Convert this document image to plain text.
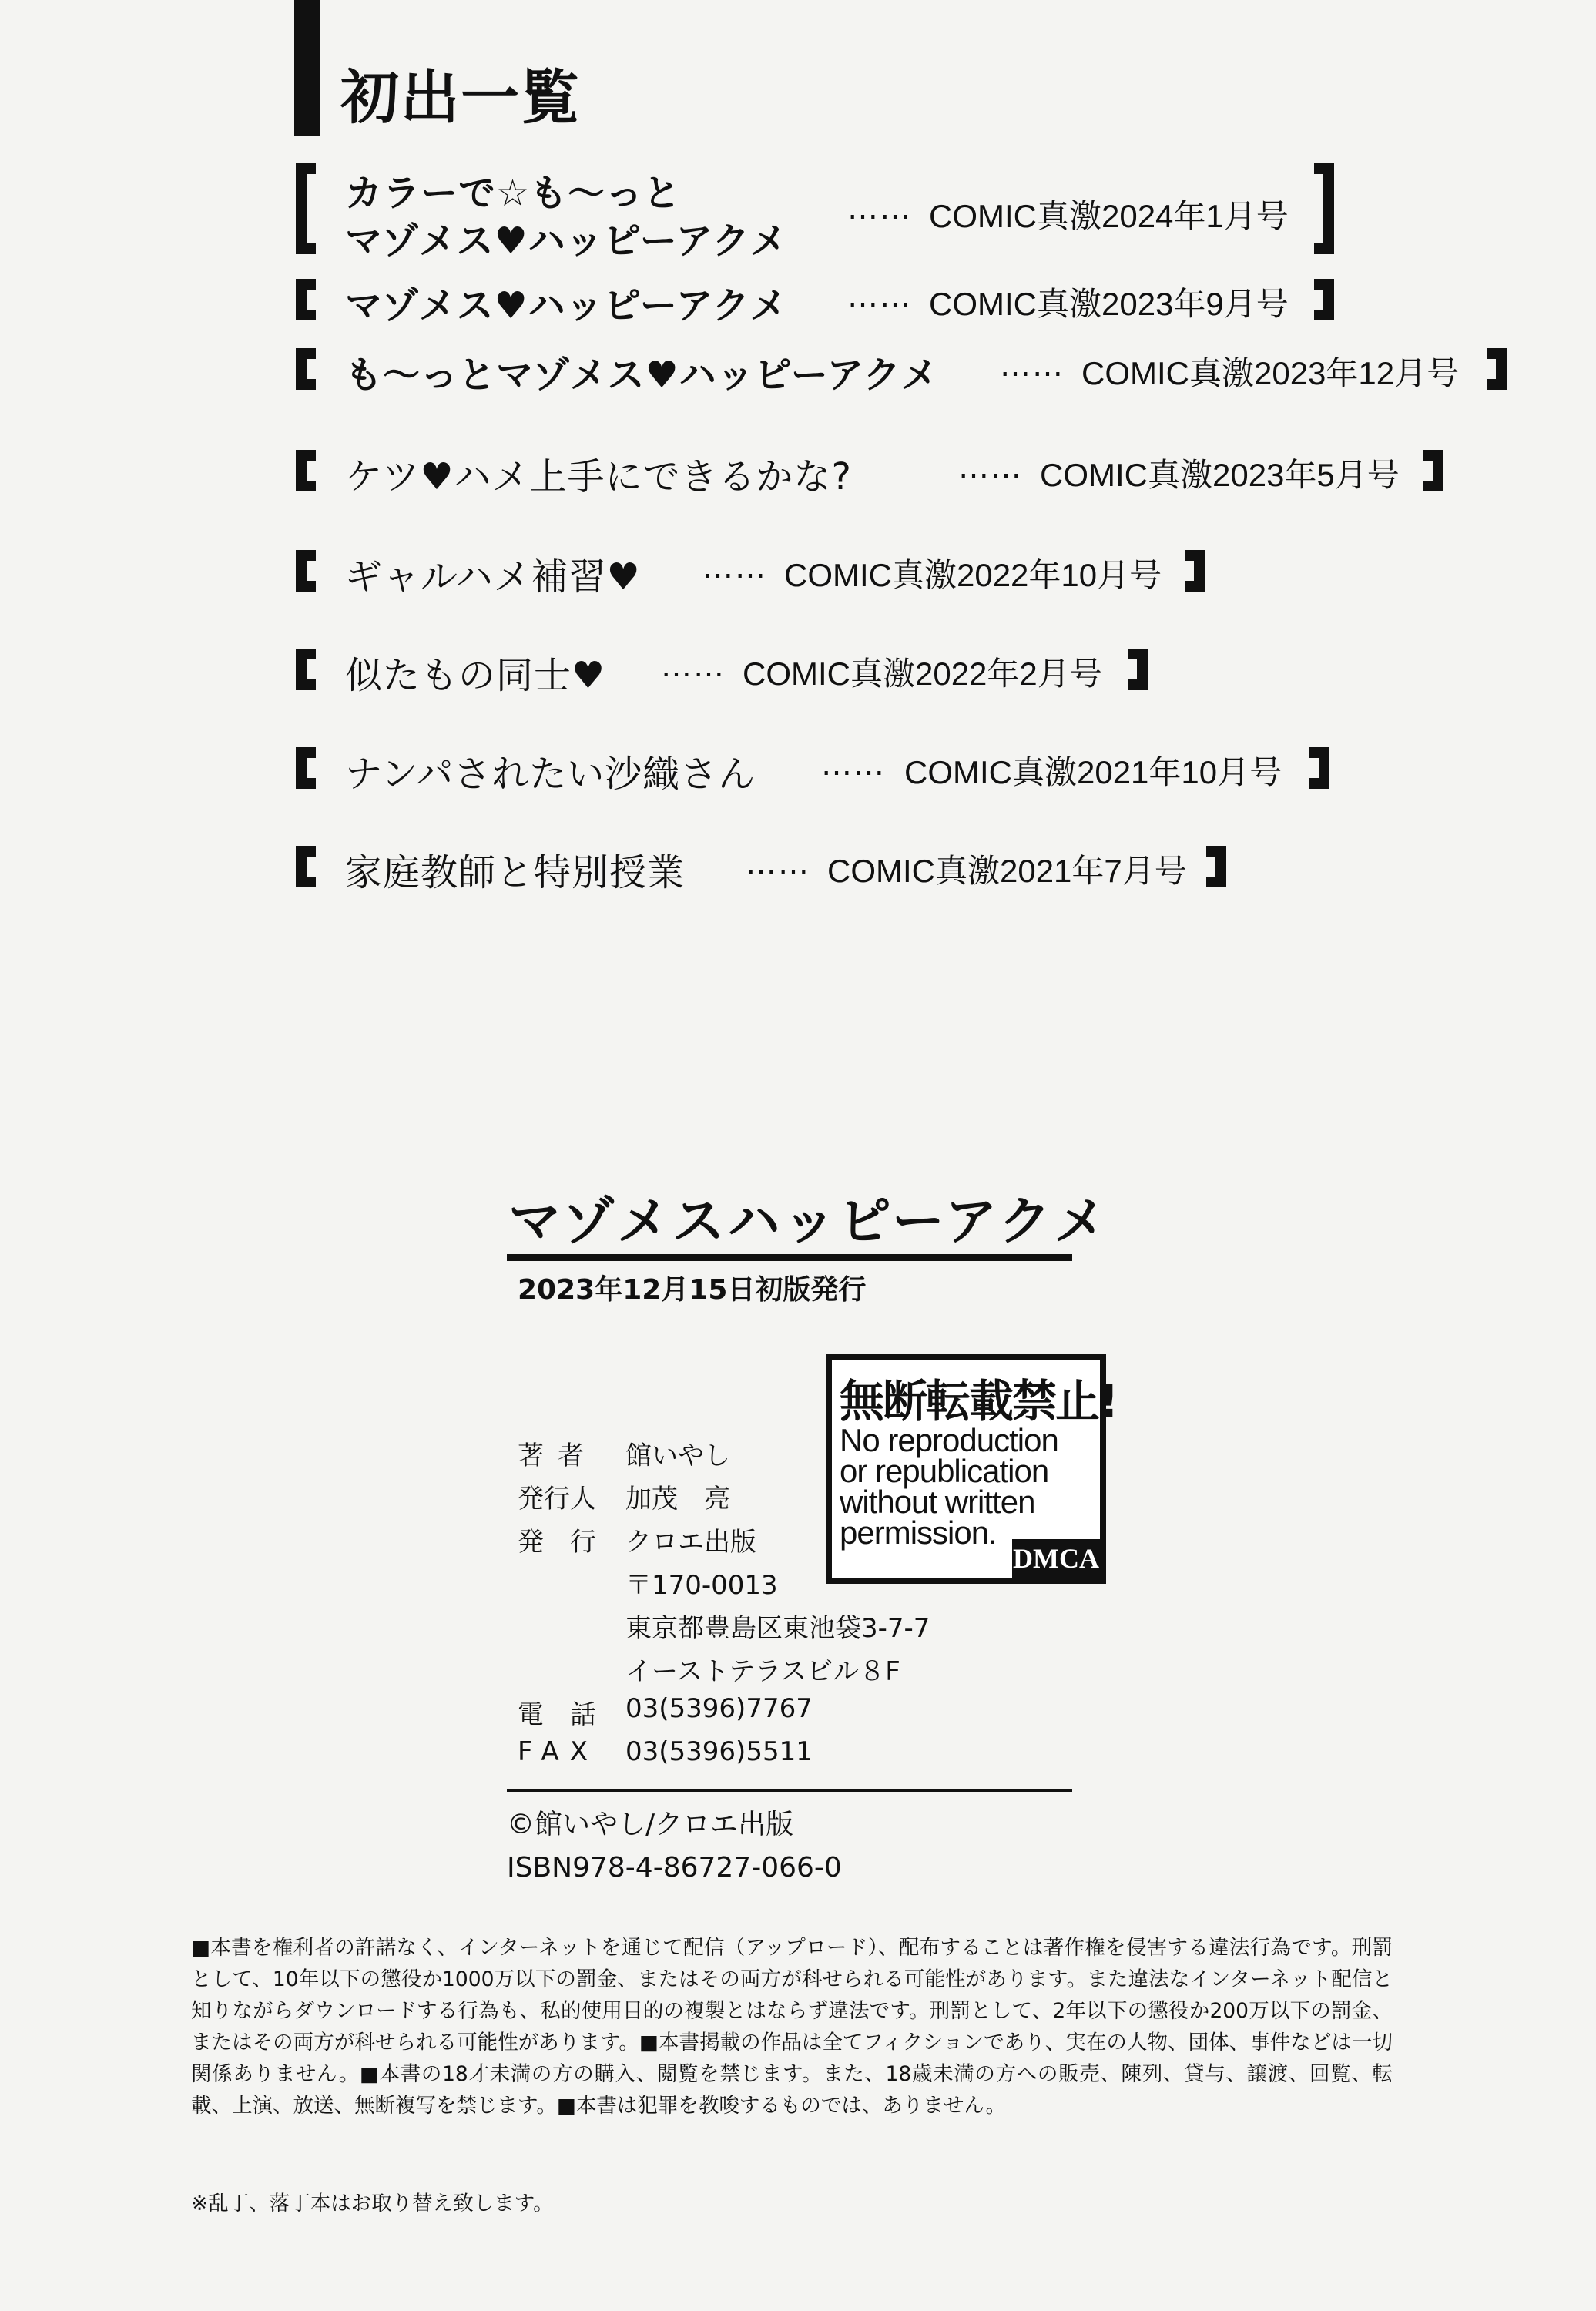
初出一覧
カラーで☆も〜っと
マゾメス♥ハッピーアクメ
…… COMIC真激2024年1月号
マゾメス♥ハッピーアクメ …… COMIC真激2023年9月号
も〜っとマゾメス♥ハッピーアクメ …… COMIC真激2023年12月号
ケツ♥ハメ上手にできるかな?	…… COMIC真激2023年5月号
ギャルハメ補習♥ …… COMIC真激2022年10月号
似たもの同士♥ …… COMIC真激2022年2月号
ナンパされたい沙織さん …… COMIC真激2021年10月号
家庭教師と特別授業 …… COMIC真激2021年7月号
マゾメスハッピーアクメ
2023年12月15日初版発行
著者 館いやし
発行人 加茂　亮
発行 クロエ出版
〒170-0013
東京都豊島区東池袋3-7-7
イーストテラスビル８F
電話 03(5396)7767
FAX 03(5396)5511
©館いやし/クロエ出版
ISBN978-4-86727-066-0
無断転載禁止!
No reproduction
or republication
without written
permission.
DMCA
■本書を権利者の許諾なく、インターネットを通じて配信（アップロード）、配布することは著作権を侵害する違法行為です。刑罰として、10年以下の懲役か1000万以下の罰金、またはその両方が科せられる可能性があります。また違法なインターネット配信と知りながらダウンロードする行為も、私的使用目的の複製とはならず違法です。刑罰として、2年以下の懲役か200万以下の罰金、またはその両方が科せられる可能性があります。■本書掲載の作品は全てフィクションであり、実在の人物、団体、事件などは一切関係ありません。■本書の18才未満の方の購入、閲覧を禁じます。また、18歳未満の方への販売、陳列、貸与、譲渡、回覧、転載、上演、放送、無断複写を禁じます。■本書は犯罪を教唆するものでは、ありません。
※乱丁、落丁本はお取り替え致します。
